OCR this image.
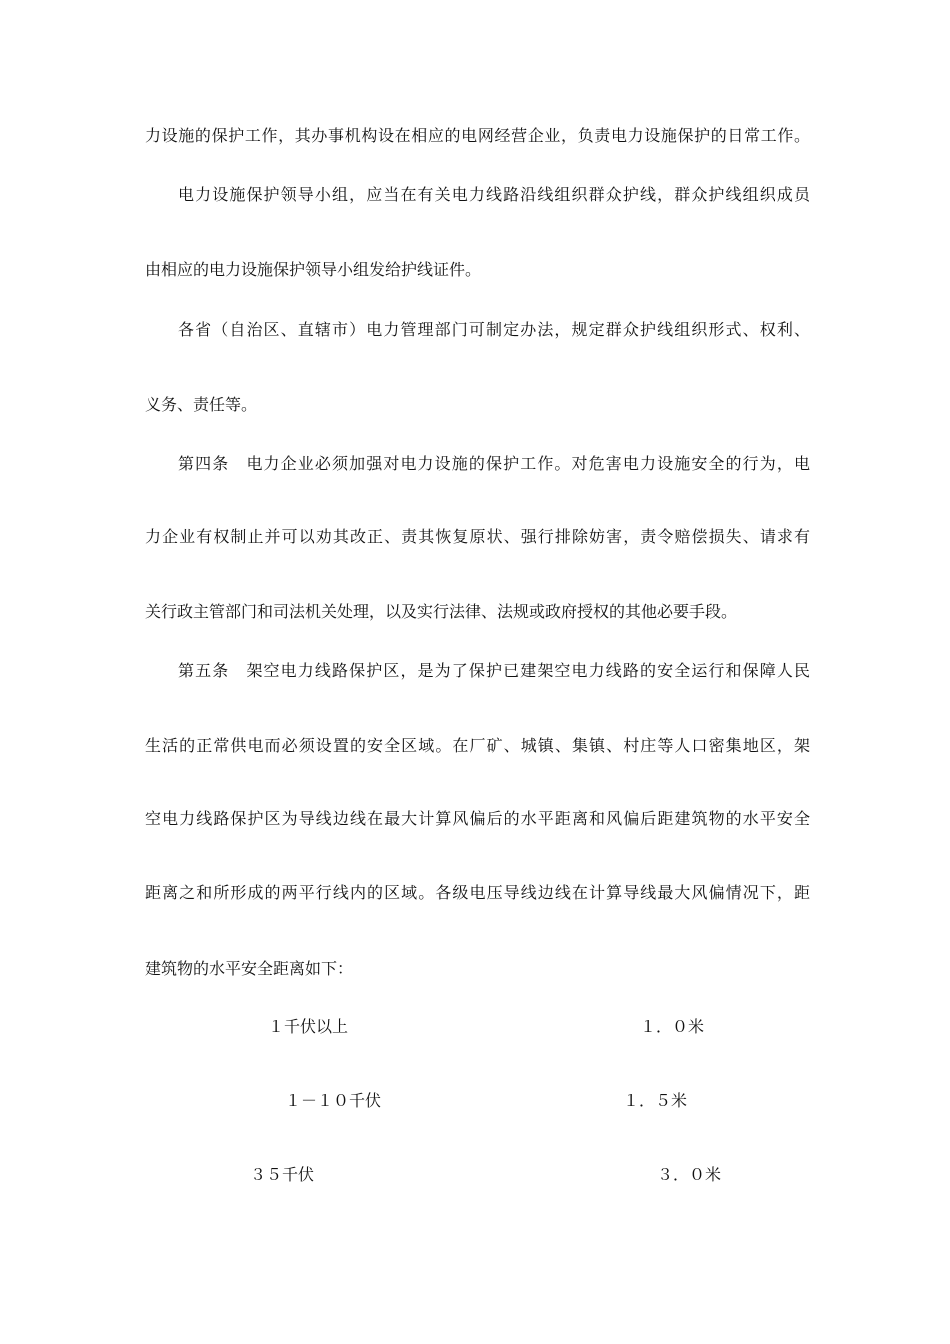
力设施的保护工作，其办事机构设在相应的电网经营企业，负责电力设施保护的日常工作。
电力设施保护领导小组，应当在有关电力线路沿线组织群众护线，群众护线组织成员
由相应的电力设施保护领导小组发给护线证件。
各省（自治区、直辖市）电力管理部门可制定办法，规定群众护线组织形式、权利、
义务、责任等。
第四条　电力企业必须加强对电力设施的保护工作。对危害电力设施安全的行为，电
力企业有权制止并可以劝其改正、责其恢复原状、强行排除妨害，责令赔偿损失、请求有
关行政主管部门和司法机关处理，以及实行法律、法规或政府授权的其他必要手段。
第五条　架空电力线路保护区，是为了保护已建架空电力线路的安全运行和保障人民
生活的正常供电而必须设置的安全区域。在厂矿、城镇、集镇、村庄等人口密集地区，架
空电力线路保护区为导线边线在最大计算风偏后的水平距离和风偏后距建筑物的水平安全
距离之和所形成的两平行线内的区域。各级电压导线边线在计算导线最大风偏情况下，距
建筑物的水平安全距离如下：
１千伏以上	１．０米
１－１０千伏	１．５米
３５千伏	３．０米
